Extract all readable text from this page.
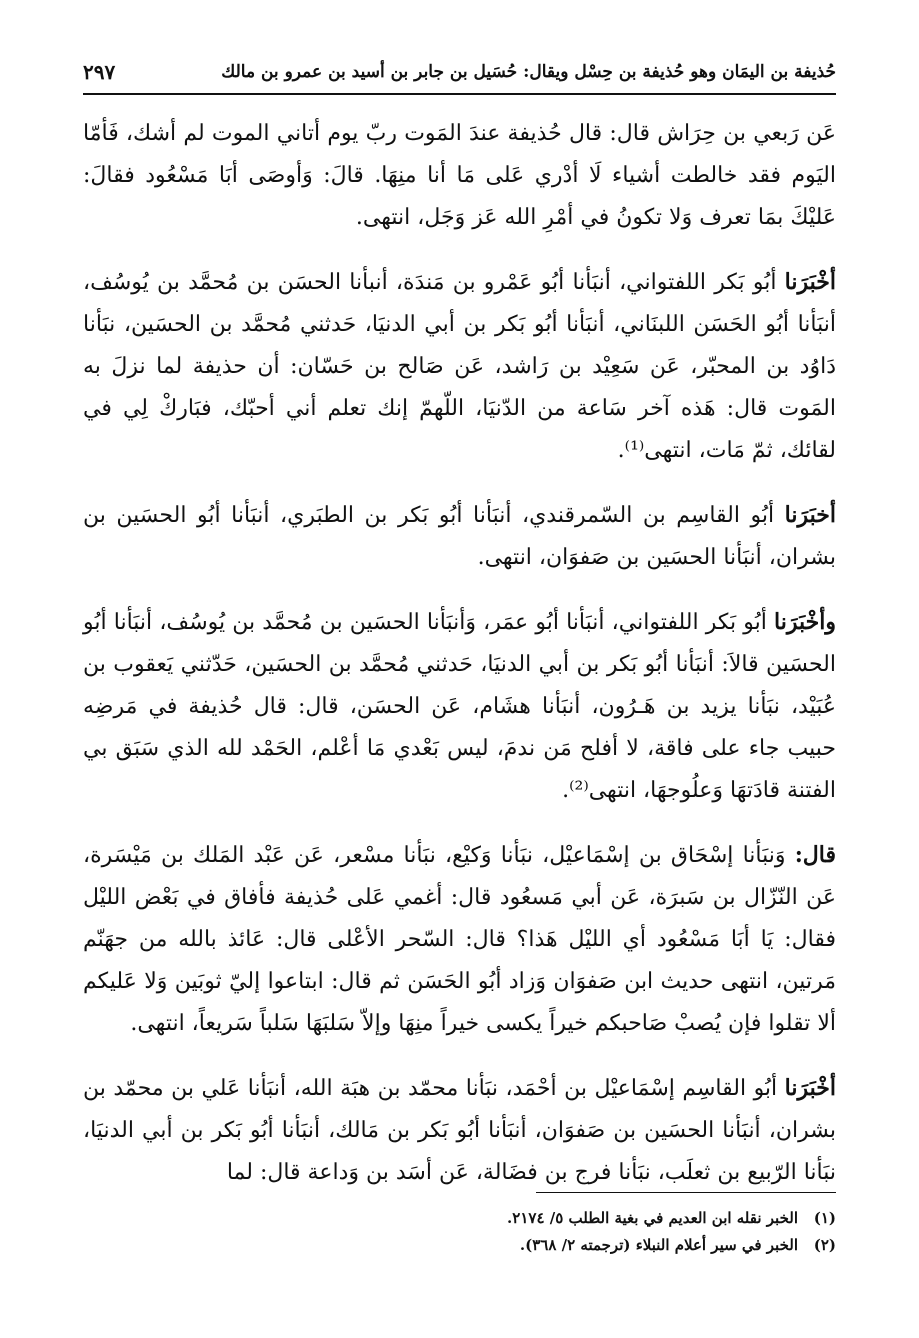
حُذيفة بن اليمَان وهو حُذيفة بن حِسْل ويقال: حُسَيل بن جابر بن أسيد بن عمرو بن مالك
٢٩٧

عَن رَبعي بن حِرَاش قال: قال حُذيفة عندَ المَوت ربّ يوم أتاني الموت لم أشك، فَأمّا اليَوم فقد خالطت أشياء لَا أدْري عَلى مَا أنا منِهَا. قالَ: وَأوصَى أبَا مَسْعُود فقالَ: عَليْكَ بمَا تعرف وَلا تكونُ في أمْرِ الله عَز وَجَل، انتهى.

أخْبَرَنا أبُو بَكر اللفتواني، أنبَأنا أبُو عَمْرو بن مَندَة، أنبأنا الحسَن بن مُحمَّد بن يُوسُف، أنبَأنا أبُو الحَسَن اللبنَاني، أنبَأنا أبُو بَكر بن أبي الدنيَا، حَدثني مُحمَّد بن الحسَين، نبَأنا دَاوُد بن المحبّر، عَن سَعِيْد بن رَاشد، عَن صَالح بن حَسّان: أن حذيفة لما نزلَ به المَوت قال: هَذه آخر سَاعة من الدّنيَا، اللّهمّ إنك تعلم أني أحبّك، فبَاركْ لِي في لقائك، ثمّ مَات، انتهى⁽¹⁾.

أخبَرَنا أبُو القاسِم بن السّمرقندي، أنبَأنا أبُو بَكر بن الطبَري، أنبَأنا أبُو الحسَين بن بشران، أنبَأنا الحسَين بن صَفوَان، انتهى.

وأخْبَرَنا أبُو بَكر اللفتواني، أنبَأنا أبُو عمَر، وَأنبَأنا الحسَين بن مُحمَّد بن يُوسُف، أنبَأنا أبُو الحسَين قالاَ: أنبَأنا أبُو بَكر بن أبي الدنيَا، حَدثني مُحمَّد بن الحسَين، حَدّثني يَعقوب بن عُبَيْد، نبَأنا يزيد بن هَـرُون، أنبَأنا هشَام، عَن الحسَن، قال: قال حُذيفة في مَرضِه حبيب جاء على فاقة، لا أفلح مَن ندمَ، ليس بَعْدي مَا أعْلم، الحَمْد لله الذي سَبَق بي الفتنة قادَتهَا وَعلُوجهَا، انتهى⁽²⁾.

قال: وَنبَأنا إسْحَاق بن إسْمَاعيْل، نبَأنا وَكيْع، نبَأنا مسْعر، عَن عَبْد المَلك بن مَيْسَرة، عَن النّزّال بن سَبرَة، عَن أبي مَسعُود قال: أغمي عَلى حُذيفة فأفاق في بَعْض الليْل فقال: يَا أبَا مَسْعُود أي الليْل هَذا؟ قال: السّحر الأعْلى قال: عَائذ بالله من جهَنّم مَرتين، انتهى حديث ابن صَفوَان وَزاد أبُو الحَسَن ثم قال: ابتاعوا إليّ ثوبَين وَلا عَليكم ألا تقلوا فإن يُصبْ صَاحبكم خيراً يكسى خيراً منِهَا وإلاّ سَلبَهَا سَلباً سَريعاً، انتهى.

أخْبَرَنا أبُو القاسِم إسْمَاعيْل بن أحْمَد، نبَأنا محمّد بن هبَة الله، أنبَأنا عَلي بن محمّد بن بشران، أنبَأنا الحسَين بن صَفوَان، أنبَأنا أبُو بَكر بن مَالك، أنبَأنا أبُو بَكر بن أبي الدنيَا، نبَأنا الرّبيع بن ثعلَب، نبَأنا فرج بن فضَالة، عَن أسَد بن وَداعة قال: لما

(١)
الخبر نقله ابن العديم في بغية الطلب ٥/ ٢١٧٤.
(٢)
الخبر في سير أعلام النبلاء (ترجمته ٢/ ٣٦٨).
